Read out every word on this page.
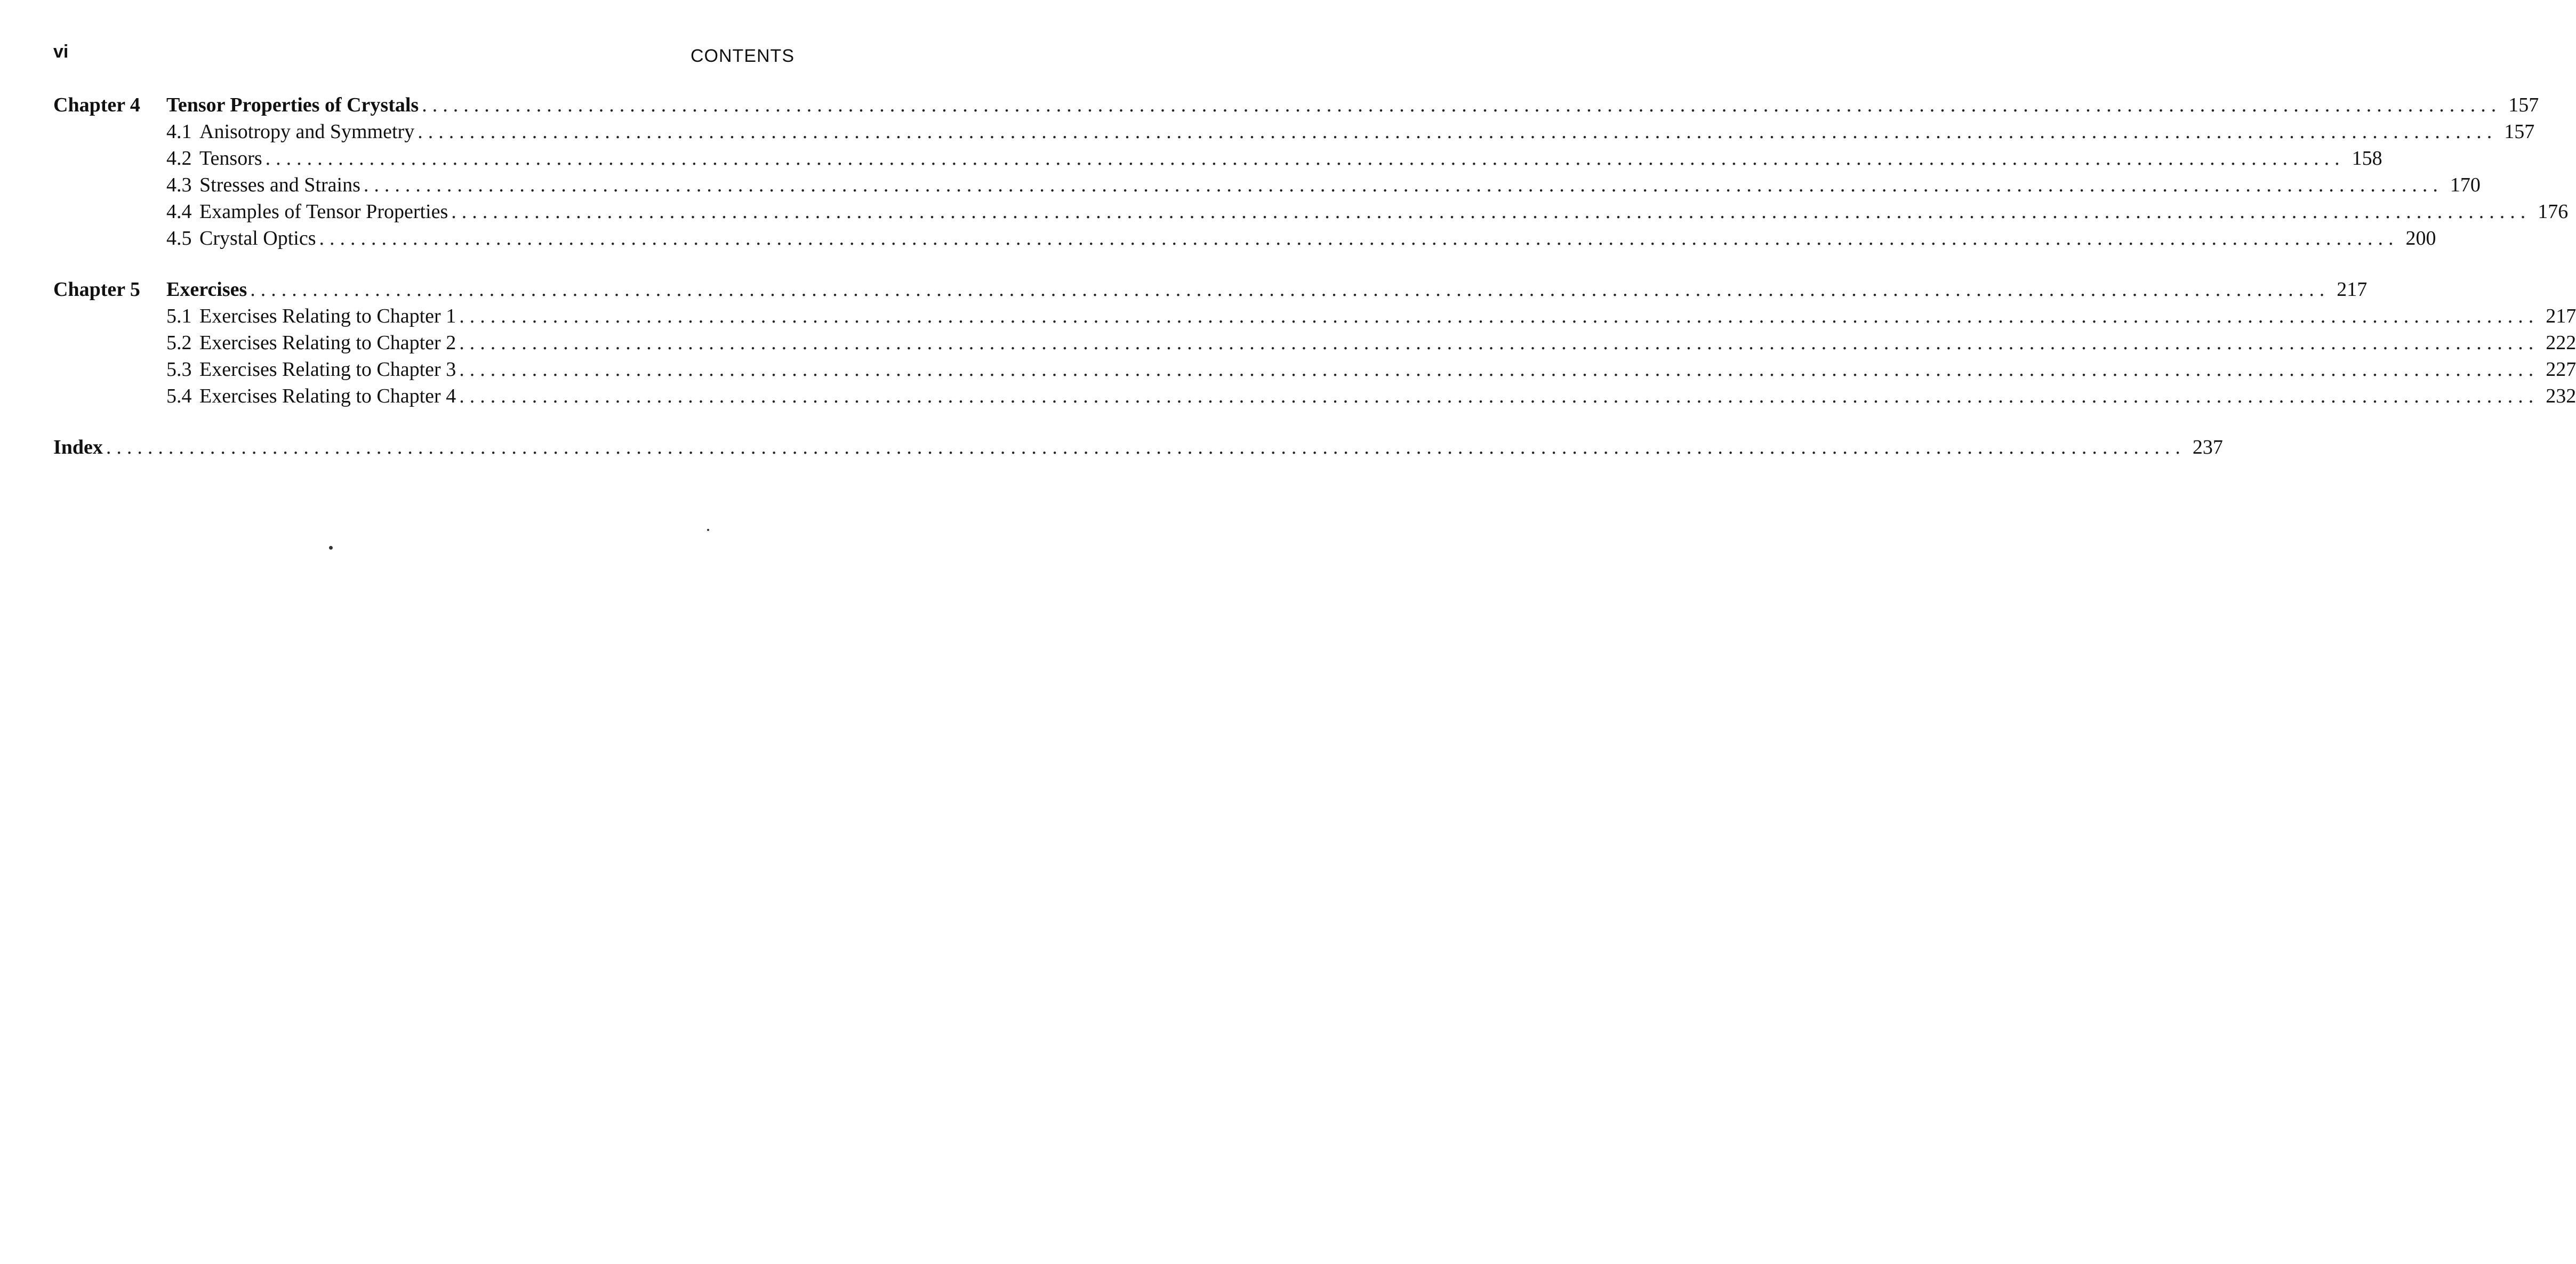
vi	CONTENTS
Chapter 4 Tensor Properties of Crystals ........................................................................................................................................................................................................ 157
4.1 Anisotropy and Symmetry ........................................................................................................................................................................................................ 157
4.2 Tensors ........................................................................................................................................................................................................ 158
4.3 Stresses and Strains ........................................................................................................................................................................................................ 170
4.4 Examples of Tensor Properties ........................................................................................................................................................................................................ 176
4.5 Crystal Optics ........................................................................................................................................................................................................ 200
Chapter 5 Exercises ........................................................................................................................................................................................................ 217
5.1 Exercises Relating to Chapter 1 ........................................................................................................................................................................................................ 217
5.2 Exercises Relating to Chapter 2 ........................................................................................................................................................................................................ 222
5.3 Exercises Relating to Chapter 3 ........................................................................................................................................................................................................ 227
5.4 Exercises Relating to Chapter 4 ........................................................................................................................................................................................................ 232
Index ........................................................................................................................................................................................................ 237
